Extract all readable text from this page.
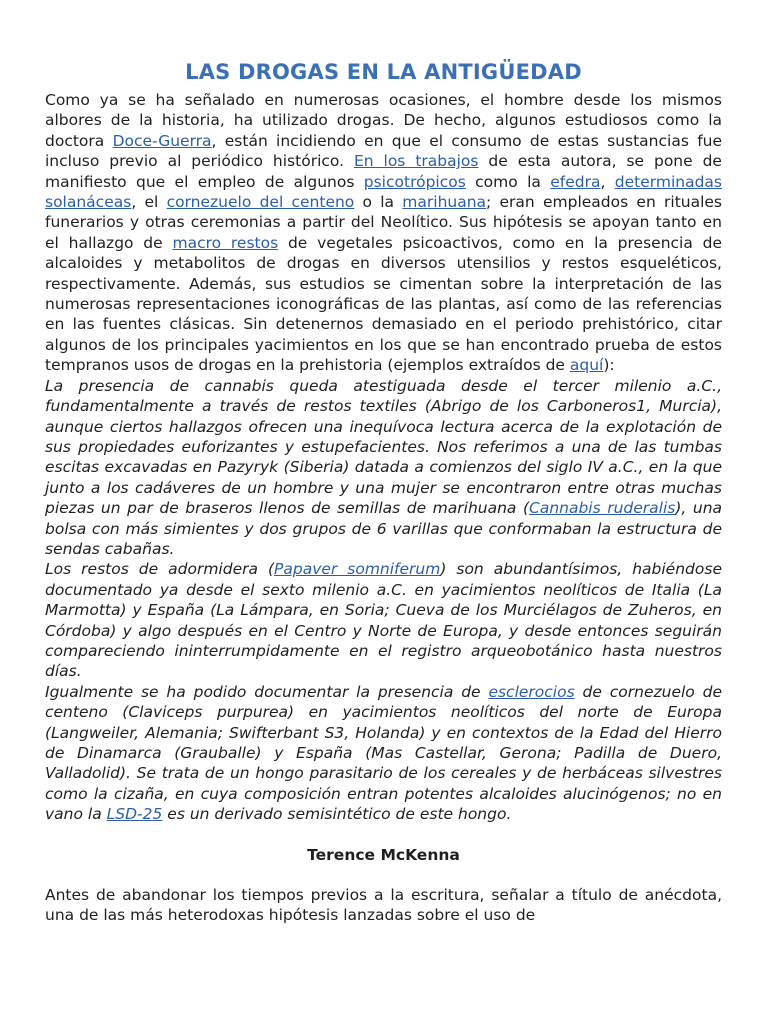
LAS DROGAS EN LA ANTIGÜEDAD

Como ya se ha señalado en numerosas ocasiones, el hombre desde los mismos albores de la historia, ha utilizado drogas. De hecho, algunos estudiosos como la doctora Doce-Guerra, están incidiendo en que el consumo de estas sustancias fue incluso previo al periódico histórico. En los trabajos de esta autora, se pone de manifiesto que el empleo de algunos psicotrópicos como la efedra, determinadas solanáceas, el cornezuelo del centeno o la marihuana; eran empleados en rituales funerarios y otras ceremonias a partir del Neolítico. Sus hipótesis se apoyan tanto en el hallazgo de macro restos de vegetales psicoactivos, como en la presencia de alcaloides y metabolitos de drogas en diversos utensilios y restos esqueléticos, respectivamente. Además, sus estudios se cimentan sobre la interpretación de las numerosas representaciones iconográficas de las plantas, así como de las referencias en las fuentes clásicas. Sin detenernos demasiado en el periodo prehistórico, citar algunos de los principales yacimientos en los que se han encontrado prueba de estos tempranos usos de drogas en la prehistoria (ejemplos extraídos de aquí):

La presencia de cannabis queda atestiguada desde el tercer milenio a.C., fundamentalmente a través de restos textiles (Abrigo de los Carboneros1, Murcia), aunque ciertos hallazgos ofrecen una inequívoca lectura acerca de la explotación de sus propiedades euforizantes y estupefacientes. Nos referimos a una de las tumbas escitas excavadas en Pazyryk (Siberia) datada a comienzos del siglo IV a.C., en la que junto a los cadáveres de un hombre y una mujer se encontraron entre otras muchas piezas un par de braseros llenos de semillas de marihuana (Cannabis ruderalis), una bolsa con más simientes y dos grupos de 6 varillas que conformaban la estructura de sendas cabañas.

Los restos de adormidera (Papaver somniferum) son abundantísimos, habiéndose documentado ya desde el sexto milenio a.C. en yacimientos neolíticos de Italia (La Marmotta) y España (La Lámpara, en Soria; Cueva de los Murciélagos de Zuheros, en Córdoba) y algo después en el Centro y Norte de Europa, y desde entonces seguirán compareciendo ininterrumpidamente en el registro arqueobotánico hasta nuestros días.

Igualmente se ha podido documentar la presencia de esclerocios de cornezuelo de centeno (Claviceps purpurea) en yacimientos neolíticos del norte de Europa (Langweiler, Alemania; Swifterbant S3, Holanda) y en contextos de la Edad del Hierro de Dinamarca (Grauballe) y España (Mas Castellar, Gerona; Padilla de Duero, Valladolid). Se trata de un hongo parasitario de los cereales y de herbáceas silvestres como la cizaña, en cuya composición entran potentes alcaloides alucinógenos; no en vano la LSD-25 es un derivado semisintético de este hongo.

Terence McKenna

Antes de abandonar los tiempos previos a la escritura, señalar a título de anécdota, una de las más heterodoxas hipótesis lanzadas sobre el uso de
